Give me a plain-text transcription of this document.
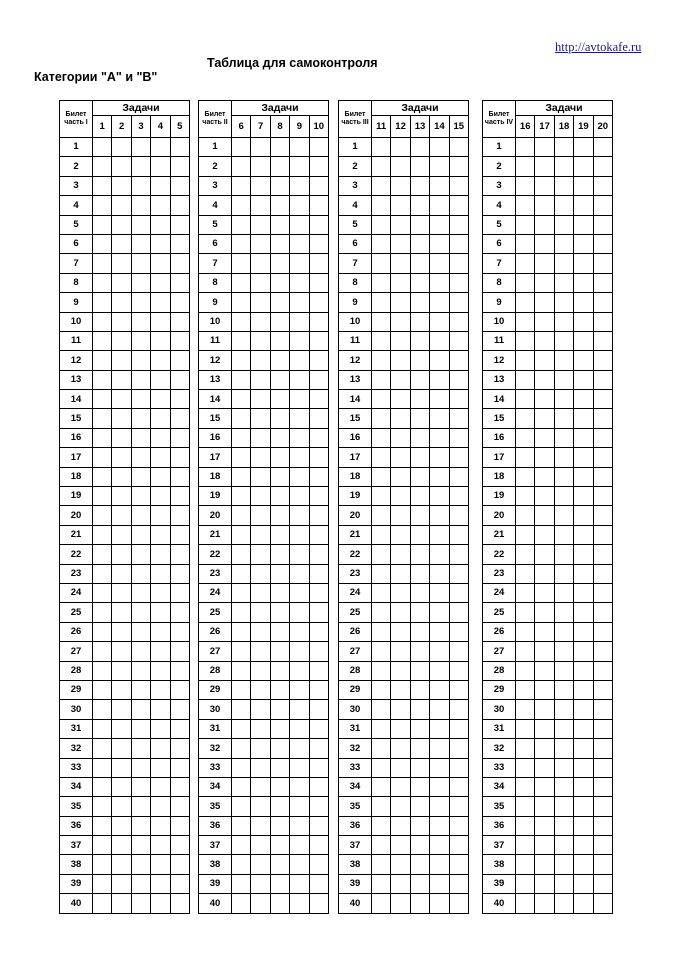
http://avtokafe.ru
Таблица для самоконтроля
Категории "А" и "В"
Билет
часть I	Задачи				
	1	2	3	4	5
1					
2					
3					
4					
5					
6					
7					
8					
9					
10					
11					
12					
13					
14					
15					
16					
17					
18					
19					
20					
21					
22					
23					
24					
25					
26					
27					
28					
29					
30					
31					
32					
33					
34					
35					
36					
37					
38					
39					
40					
Билет
часть II	Задачи				
	6	7	8	9	10
1					
2					
3					
4					
5					
6					
7					
8					
9					
10					
11					
12					
13					
14					
15					
16					
17					
18					
19					
20					
21					
22					
23					
24					
25					
26					
27					
28					
29					
30					
31					
32					
33					
34					
35					
36					
37					
38					
39					
40					
Билет
часть III	Задачи				
	11	12	13	14	15
1					
2					
3					
4					
5					
6					
7					
8					
9					
10					
11					
12					
13					
14					
15					
16					
17					
18					
19					
20					
21					
22					
23					
24					
25					
26					
27					
28					
29					
30					
31					
32					
33					
34					
35					
36					
37					
38					
39					
40					
Билет
часть IV	Задачи				
	16	17	18	19	20
1					
2					
3					
4					
5					
6					
7					
8					
9					
10					
11					
12					
13					
14					
15					
16					
17					
18					
19					
20					
21					
22					
23					
24					
25					
26					
27					
28					
29					
30					
31					
32					
33					
34					
35					
36					
37					
38					
39					
40					
